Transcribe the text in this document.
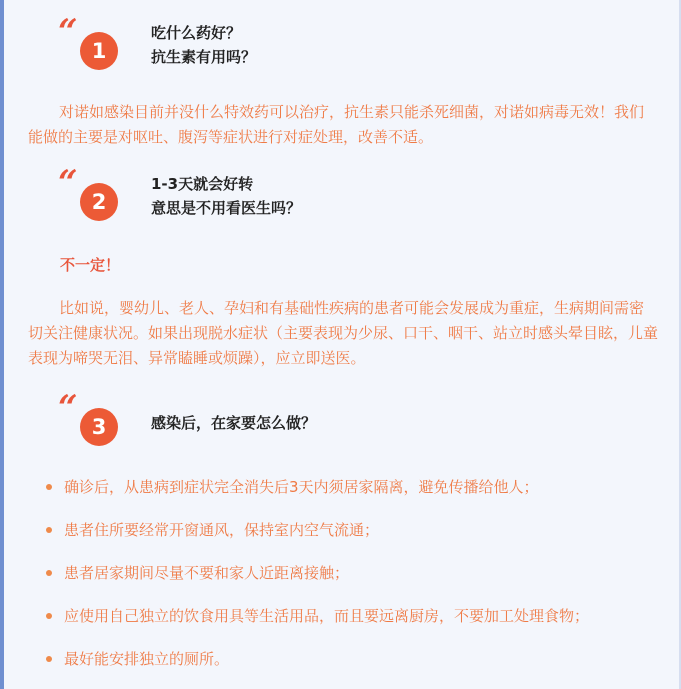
“ 1
吃什么药好？
抗生素有用吗？

对诺如感染目前并没什么特效药可以治疗，抗生素只能杀死细菌，对诺如病毒无效！我们能做的主要是对呕吐、腹泻等症状进行对症处理，改善不适。

“ 2
1-3天就会好转
意思是不用看医生吗？
不一定！

比如说，婴幼儿、老人、孕妇和有基础性疾病的患者可能会发展成为重症，生病期间需密切关注健康状况。如果出现脱水症状（主要表现为少尿、口干、咽干、站立时感头晕目眩，儿童表现为啼哭无泪、异常瞌睡或烦躁），应立即送医。

“ 3	感染后，在家要怎么做？
确诊后，从患病到症状完全消失后3天内须居家隔离，避免传播给他人；
患者住所要经常开窗通风，保持室内空气流通；
患者居家期间尽量不要和家人近距离接触；
应使用自己独立的饮食用具等生活用品，而且要远离厨房，不要加工处理食物；
最好能安排独立的厕所。
